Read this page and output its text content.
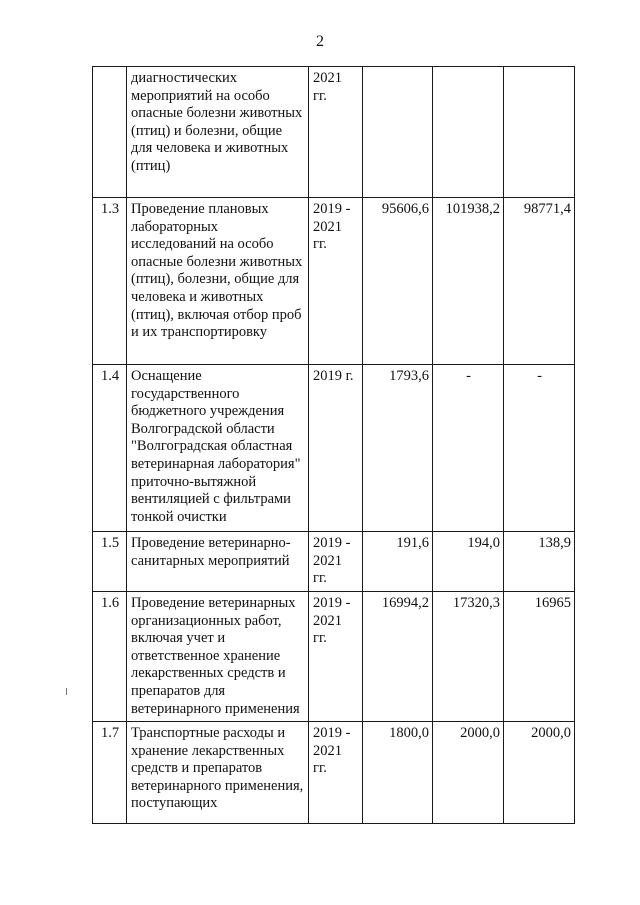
2
	диагностических мероприятий на особо опасные болезни животных (птиц) и болезни, общие для человека и животных (птиц)	2021 гг.			
1.3	Проведение плановых лабораторных исследований на особо опасные болезни животных (птиц), болезни, общие для человека и животных (птиц), включая отбор проб и их транспортировку	2019 - 2021 гг.	95606,6	101938,2	98771,4
1.4	Оснащение государственного бюджетного учреждения Волгоградской области "Волгоградская областная ветеринарная лаборатория" приточно-вытяжной вентиляцией с фильтрами тонкой очистки	2019 г.	1793,6	-	-
1.5	Проведение ветеринарно-санитарных мероприятий	2019 - 2021 гг.	191,6	194,0	138,9
1.6	Проведение ветеринарных организационных работ, включая учет и ответственное хранение лекарственных средств и препаратов для ветеринарного применения	2019 - 2021 гг.	16994,2	17320,3	16965
1.7	Транспортные расходы и хранение лекарственных средств и препаратов ветеринарного применения, поступающих	2019 - 2021 гг.	1800,0	2000,0	2000,0
